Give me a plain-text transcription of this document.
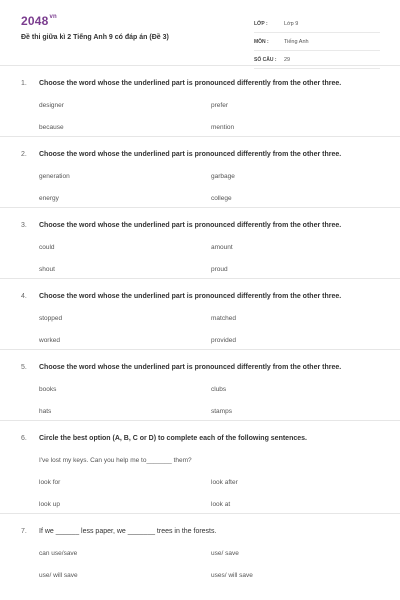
$2048^{vn}$
Đề thi giữa kì 2 Tiếng Anh 9 có đáp án (Đề 3)
LỚP :	Lớp 9
MÔN :	Tiếng Anh
SỐ CÂU :	29
1.	Choose the word whose the underlined part is pronounced differently from the other three.
designer	prefer
because	mention
2.	Choose the word whose the underlined part is pronounced differently from the other three.
generation	garbage
energy	college
3.	Choose the word whose the underlined part is pronounced differently from the other three.
could	amount
shout	proud
4.	Choose the word whose the underlined part is pronounced differently from the other three.
stopped	matched
worked	provided
5.	Choose the word whose the underlined part is pronounced differently from the other three.
books	clubs
hats	stamps
6.	Circle the best option (A, B, C or D) to complete each of the following sentences.
I've lost my keys. Can you help me to_______ them?
look for	look after
look up	look at
7.	If we ______ less paper, we _______ trees in the forests.
can use/save	use/ save
use/ will save	uses/ will save
